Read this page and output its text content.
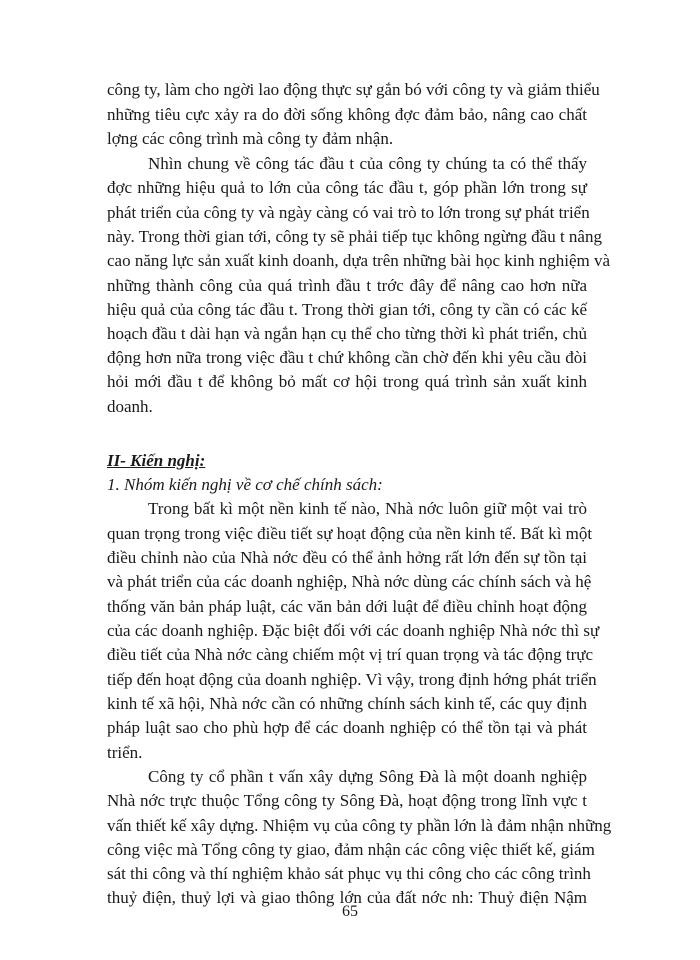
công ty, làm cho ngời lao động thực sự gắn bó với công ty và giảm thiểu
những tiêu cực xảy ra do đời sống không đợc đảm bảo, nâng cao chất
lợng các công trình mà công ty đảm nhận.
Nhìn chung về công tác đầu t của công ty chúng ta có thể thấy
đợc những hiệu quả to lớn của công tác đầu t, góp phần lớn trong sự
phát triển của công ty và ngày càng có vai trò to lớn trong sự phát triển
này. Trong thời gian tới, công ty sẽ phải tiếp tục không ngừng đầu t nâng
cao năng lực sản xuất kinh doanh, dựa trên những bài học kinh nghiệm và
những thành công của quá trình đầu t trớc đây để nâng cao hơn nữa
hiệu quả của công tác đầu t. Trong thời gian tới, công ty cần có các kế
hoạch đầu t dài hạn và ngắn hạn cụ thể cho từng thời kì phát triển, chủ
động hơn nữa trong việc đầu t chứ không cần chờ đến khi yêu cầu đòi
hỏi mới đầu t để không bỏ mất cơ hội trong quá trình sản xuất kinh
doanh.
II- Kiến nghị:
1. Nhóm kiến nghị về cơ chế chính sách:
Trong bất kì một nền kinh tế nào, Nhà nớc luôn giữ một vai trò
quan trọng trong việc điều tiết sự hoạt động của nền kinh tế. Bất kì một
điều chỉnh nào của Nhà nớc đều có thể ảnh hởng rất lớn đến sự tồn tại
và phát triển của các doanh nghiệp, Nhà nớc dùng các chính sách và hệ
thống văn bản pháp luật, các văn bản dới luật để điều chỉnh hoạt động
của các doanh nghiệp. Đặc biệt đối với các doanh nghiệp Nhà nớc thì sự
điều tiết của Nhà nớc càng chiếm một vị trí quan trọng và tác động trực
tiếp đến hoạt động của doanh nghiệp. Vì vậy, trong định hớng phát triển
kinh tế xã hội, Nhà nớc cần có những chính sách kinh tế, các quy định
pháp luật sao cho phù hợp để các doanh nghiệp có thể tồn tại và phát
triển.
Công ty cổ phần t vấn xây dựng Sông Đà là một doanh nghiệp
Nhà nớc trực thuộc Tổng công ty Sông Đà, hoạt động trong lĩnh vực t
vấn thiết kế xây dựng. Nhiệm vụ của công ty phần lớn là đảm nhận những
công việc mà Tổng công ty giao, đảm nhận các công việc thiết kế, giám
sát thi công và thí nghiệm khảo sát phục vụ thi công cho các công trình
thuỷ điện, thuỷ lợi và giao thông lớn của đất nớc nh: Thuỷ điện Nậm
65
